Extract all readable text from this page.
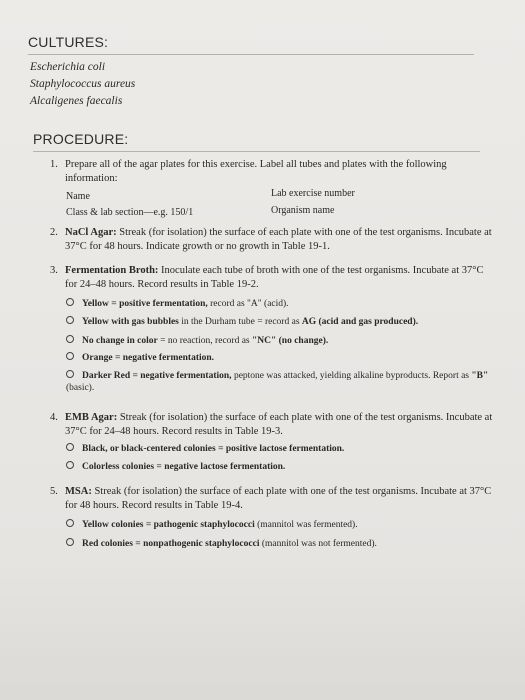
CULTURES:
Escherichia coli
Staphylococcus aureus
Alcaligenes faecalis
PROCEDURE:
1. Prepare all of the agar plates for this exercise. Label all tubes and plates with the following information:
Name	Lab exercise number
Class & lab section—e.g. 150/1	Organism name
2. NaCl Agar: Streak (for isolation) the surface of each plate with one of the test organisms. Incubate at 37°C for 48 hours. Indicate growth or no growth in Table 19-1.
3. Fermentation Broth: Inoculate each tube of broth with one of the test organisms. Incubate at 37°C for 24–48 hours. Record results in Table 19-2.
Yellow = positive fermentation, record as "A" (acid).
Yellow with gas bubbles in the Durham tube = record as AG (acid and gas produced).
No change in color = no reaction, record as "NC" (no change).
Orange = negative fermentation.
Darker Red = negative fermentation, peptone was attacked, yielding alkaline byproducts. Report as "B" (basic).
4. EMB Agar: Streak (for isolation) the surface of each plate with one of the test organisms. Incubate at 37°C for 24–48 hours. Record results in Table 19-3.
Black, or black-centered colonies = positive lactose fermentation.
Colorless colonies = negative lactose fermentation.
5. MSA: Streak (for isolation) the surface of each plate with one of the test organisms. Incubate at 37°C for 48 hours. Record results in Table 19-4.
Yellow colonies = pathogenic staphylococci (mannitol was fermented).
Red colonies = nonpathogenic staphylococci (mannitol was not fermented).
